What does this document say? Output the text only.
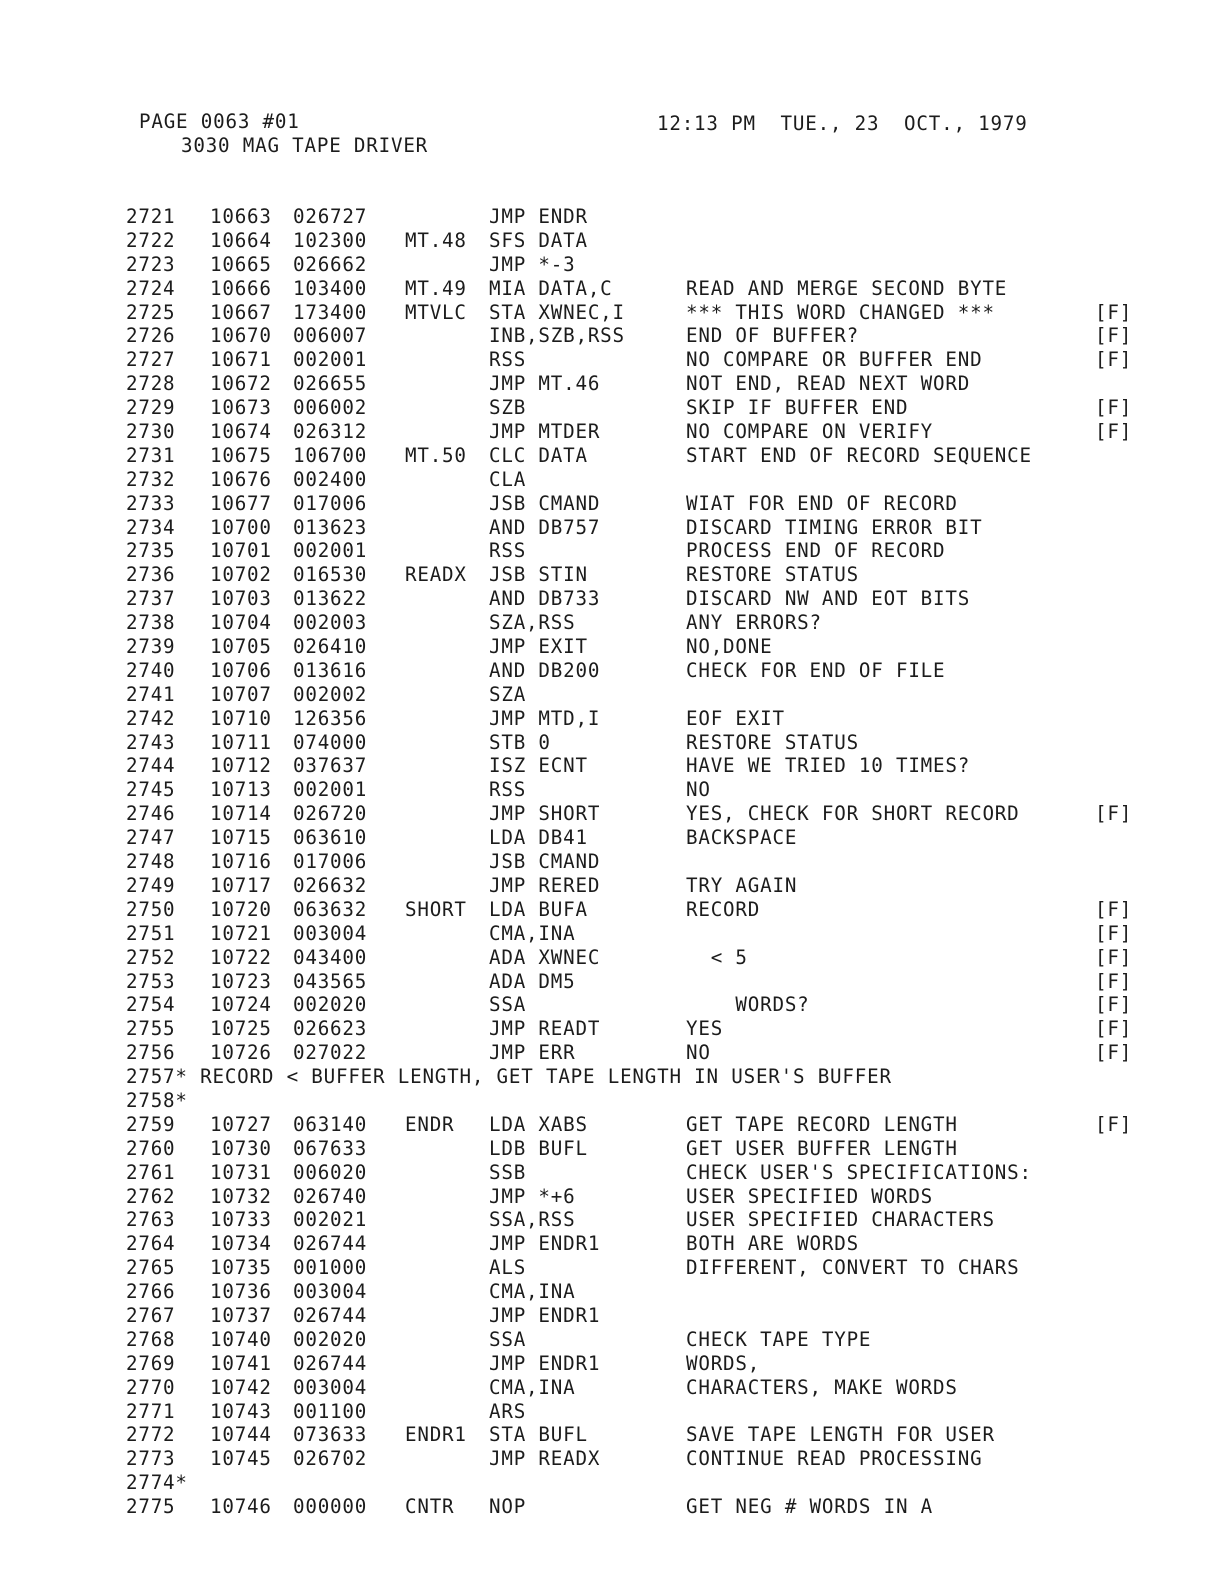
PAGE 0063 #01	12:13 PM  TUE., 23  OCT., 1979
3030 MAG TAPE DRIVER
2721 10663 026727	JMP ENDR
2722 10664 102300 MT.48 SFS DATA
2723 10665 026662	JMP *-3
2724 10666 103400 MT.49 MIA DATA,C	READ AND MERGE SECOND BYTE
2725 10667 173400 MTVLC STA XWNEC,I	*** THIS WORD CHANGED ***	[F]
2726 10670 006007	INB,SZB,RSS	END OF BUFFER?	[F]
2727 10671 002001	RSS	NO COMPARE OR BUFFER END	[F]
2728 10672 026655	JMP MT.46	NOT END, READ NEXT WORD
2729 10673 006002	SZB	SKIP IF BUFFER END	[F]
2730 10674 026312	JMP MTDER	NO COMPARE ON VERIFY	[F]
2731 10675 106700 MT.50 CLC DATA	START END OF RECORD SEQUENCE
2732 10676 002400	CLA
2733 10677 017006	JSB CMAND	WIAT FOR END OF RECORD
2734 10700 013623	AND DB757	DISCARD TIMING ERROR BIT
2735 10701 002001	RSS	PROCESS END OF RECORD
2736 10702 016530 READX JSB STIN	RESTORE STATUS
2737 10703 013622	AND DB733	DISCARD NW AND EOT BITS
2738 10704 002003	SZA,RSS	ANY ERRORS?
2739 10705 026410	JMP EXIT	NO,DONE
2740 10706 013616	AND DB200	CHECK FOR END OF FILE
2741 10707 002002	SZA
2742 10710 126356	JMP MTD,I	EOF EXIT
2743 10711 074000	STB 0	RESTORE STATUS
2744 10712 037637	ISZ ECNT	HAVE WE TRIED 10 TIMES?
2745 10713 002001	RSS	NO
2746 10714 026720	JMP SHORT	YES, CHECK FOR SHORT RECORD	[F]
2747 10715 063610	LDA DB41	BACKSPACE
2748 10716 017006	JSB CMAND
2749 10717 026632	JMP RERED	TRY AGAIN
2750 10720 063632 SHORT LDA BUFA	RECORD	[F]
2751 10721 003004	CMA,INA	[F]
2752 10722 043400	ADA XWNEC	< 5	[F]
2753 10723 043565	ADA DM5	[F]
2754 10724 002020	SSA	WORDS?	[F]
2755 10725 026623	JMP READT	YES	[F]
2756 10726 027022	JMP ERR	NO	[F]
2757* RECORD < BUFFER LENGTH, GET TAPE LENGTH IN USER'S BUFFER
2758*
2759 10727 063140 ENDR LDA XABS	GET TAPE RECORD LENGTH	[F]
2760 10730 067633	LDB BUFL	GET USER BUFFER LENGTH
2761 10731 006020	SSB	CHECK USER'S SPECIFICATIONS:
2762 10732 026740	JMP *+6	USER SPECIFIED WORDS
2763 10733 002021	SSA,RSS	USER SPECIFIED CHARACTERS
2764 10734 026744	JMP ENDR1	BOTH ARE WORDS
2765 10735 001000	ALS	DIFFERENT, CONVERT TO CHARS
2766 10736 003004	CMA,INA
2767 10737 026744	JMP ENDR1
2768 10740 002020	SSA	CHECK TAPE TYPE
2769 10741 026744	JMP ENDR1	WORDS,
2770 10742 003004	CMA,INA	CHARACTERS, MAKE WORDS
2771 10743 001100	ARS
2772 10744 073633 ENDR1 STA BUFL	SAVE TAPE LENGTH FOR USER
2773 10745 026702	JMP READX	CONTINUE READ PROCESSING
2774*
2775 10746 000000 CNTR NOP	GET NEG # WORDS IN A
